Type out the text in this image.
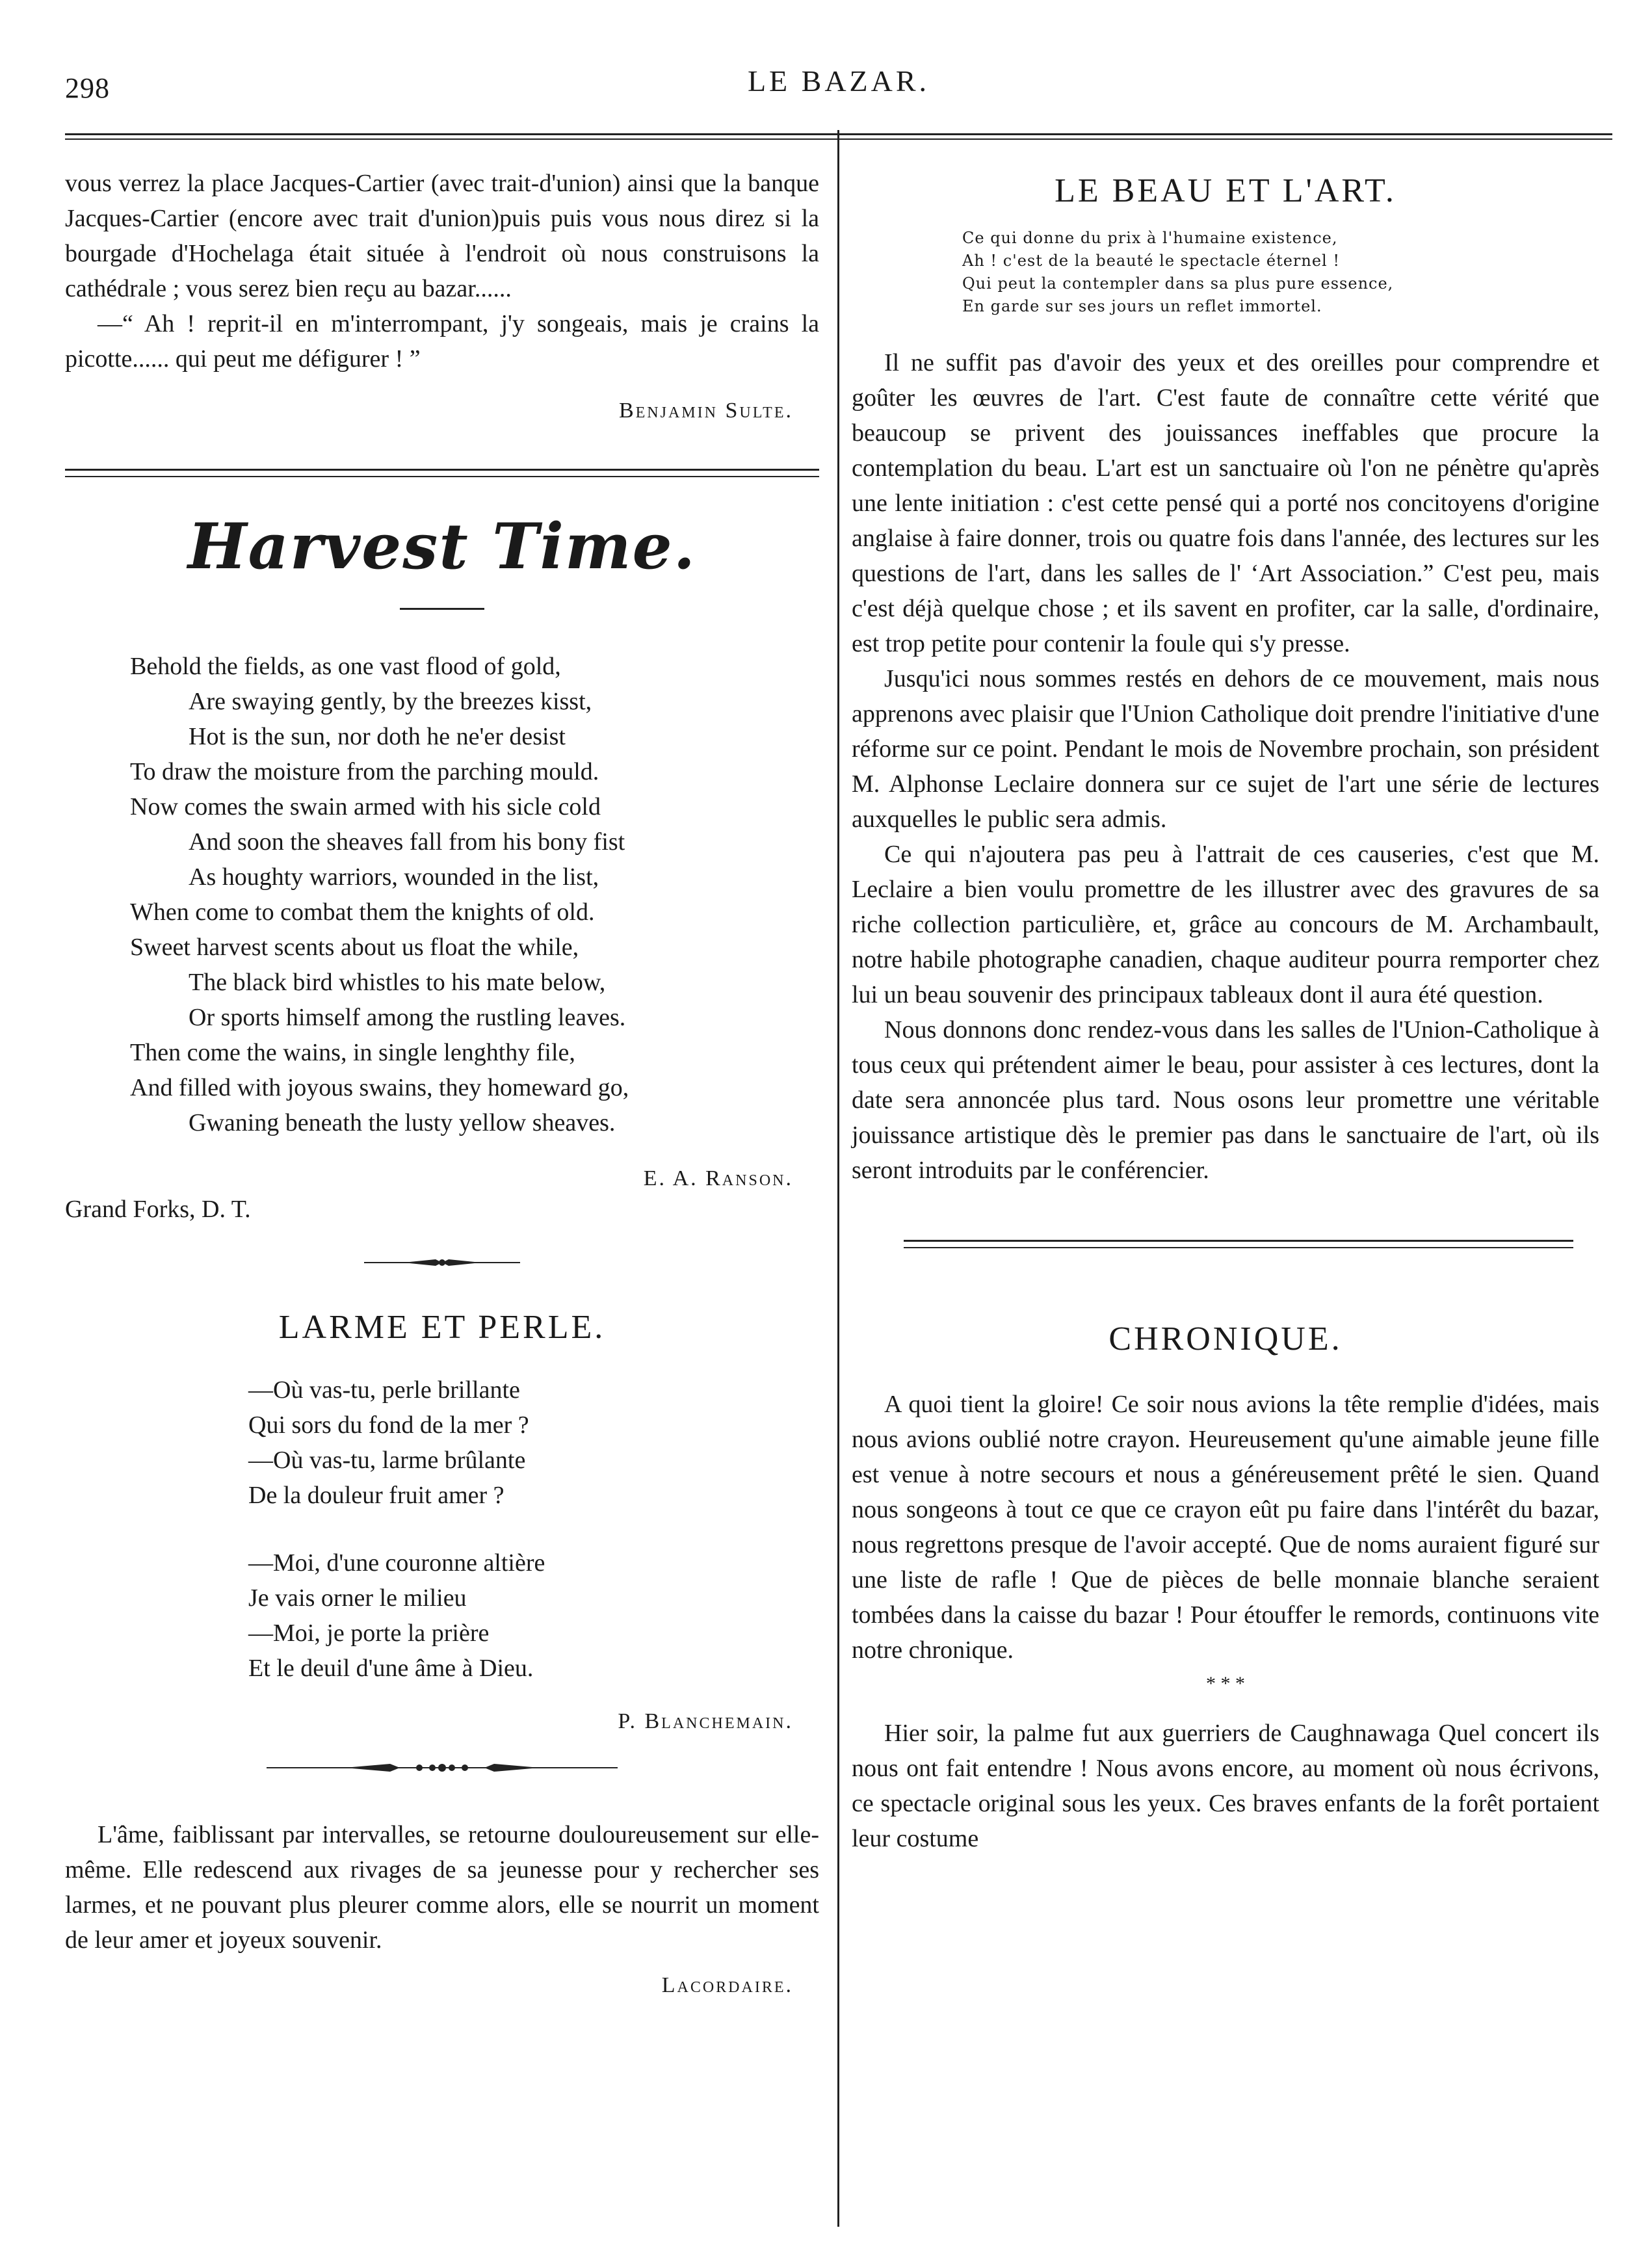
298	LE BAZAR.

vous verrez la place Jacques-Cartier (avec trait-d'union) ainsi que la banque Jacques-Cartier (encore avec trait d'union)puis puis vous nous direz si la bourgade d'Hochelaga était située à l'endroit où nous construisons la cathédrale ; vous serez bien reçu au bazar......

—“ Ah ! reprit-il en m'interrompant, j'y songeais, mais je crains la picotte...... qui peut me défigurer ! ”

Benjamin Sulte.
Harvest Time.
Behold the fields, as one vast flood of gold,
Are swaying gently, by the breezes kisst,
Hot is the sun, nor doth he ne'er desist
To draw the moisture from the parching mould.
Now comes the swain armed with his sicle cold
And soon the sheaves fall from his bony fist
As houghty warriors, wounded in the list,
When come to combat them the knights of old.
Sweet harvest scents about us float the while,
The black bird whistles to his mate below,
Or sports himself among the rustling leaves.
Then come the wains, in single lenghthy file,
And filled with joyous swains, they homeward go,
Gwaning beneath the lusty yellow sheaves.
E. A. Ranson.
Grand Forks, D. T.
LARME ET PERLE.
—Où vas-tu, perle brillante
Qui sors du fond de la mer ?
—Où vas-tu, larme brûlante
De la douleur fruit amer ?
—Moi, d'une couronne altière
Je vais orner le milieu
—Moi, je porte la prière
Et le deuil d'une âme à Dieu.
P. Blanchemain.

L'âme, faiblissant par intervalles, se retourne douloureusement sur elle-même. Elle redescend aux rivages de sa jeunesse pour y rechercher ses larmes, et ne pouvant plus pleurer comme alors, elle se nourrit un moment de leur amer et joyeux souvenir.

Lacordaire.
LE BEAU ET L'ART.
Ce qui donne du prix à l'humaine existence,
Ah ! c'est de la beauté le spectacle éternel !
Qui peut la contempler dans sa plus pure essence,
En garde sur ses jours un reflet immortel.

Il ne suffit pas d'avoir des yeux et des oreilles pour comprendre et goûter les œuvres de l'art. C'est faute de connaître cette vérité que beaucoup se privent des jouissances ineffables que procure la contemplation du beau. L'art est un sanctuaire où l'on ne pénètre qu'après une lente initiation : c'est cette pensé qui a porté nos concitoyens d'origine anglaise à faire donner, trois ou quatre fois dans l'année, des lectures sur les questions de l'art, dans les salles de l' ‘Art Association.” C'est peu, mais c'est déjà quelque chose ; et ils savent en profiter, car la salle, d'ordinaire, est trop petite pour contenir la foule qui s'y presse.

Jusqu'ici nous sommes restés en dehors de ce mouvement, mais nous apprenons avec plaisir que l'Union Catholique doit prendre l'initiative d'une réforme sur ce point. Pendant le mois de Novembre prochain, son président M. Alphonse Leclaire donnera sur ce sujet de l'art une série de lectures auxquelles le public sera admis.

Ce qui n'ajoutera pas peu à l'attrait de ces causeries, c'est que M. Leclaire a bien voulu promettre de les illustrer avec des gravures de sa riche collection particulière, et, grâce au concours de M. Archambault, notre habile photographe canadien, chaque auditeur pourra remporter chez lui un beau souvenir des principaux tableaux dont il aura été question.

Nous donnons donc rendez-vous dans les salles de l'Union-Catholique à tous ceux qui prétendent aimer le beau, pour assister à ces lectures, dont la date sera annoncée plus tard. Nous osons leur promettre une véritable jouissance artistique dès le premier pas dans le sanctuaire de l'art, où ils seront introduits par le conférencier.

CHRONIQUE.

A quoi tient la gloire! Ce soir nous avions la tête remplie d'idées, mais nous avions oublié notre crayon. Heureusement qu'une aimable jeune fille est venue à notre secours et nous a généreusement prêté le sien. Quand nous songeons à tout ce que ce crayon eût pu faire dans l'intérêt du bazar, nous regrettons presque de l'avoir accepté. Que de noms auraient figuré sur une liste de rafle ! Que de pièces de belle monnaie blanche seraient tombées dans la caisse du bazar ! Pour étouffer le remords, continuons vite notre chronique.

* * *

Hier soir, la palme fut aux guerriers de Caughnawaga Quel concert ils nous ont fait entendre ! Nous avons encore, au moment où nous écrivons, ce spectacle original sous les yeux. Ces braves enfants de la forêt portaient leur costume
